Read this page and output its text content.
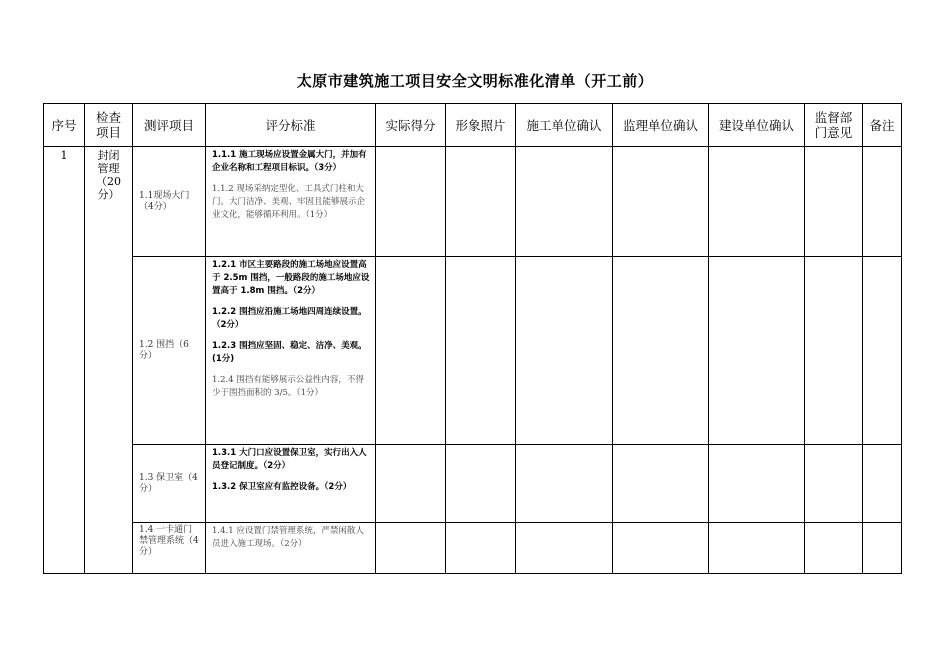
太原市建筑施工项目安全文明标准化清单（开工前）
序号	检查项目	测评项目	评分标准	实际得分	形象照片	施工单位确认	监理单位确认	建设单位确认	监督部门意见	备注
1	封闭管理（20分）	1.1现场大门（4分）	1.1.1 施工现场应设置金属大门，并加有企业名称和工程项目标识。（3分）
1.1.2 现场采纳定型化、工具式门柱和大门。大门洁净、美观、牢固且能够展示企业文化，能够循环利用。（1分）							

		1.2 围挡（6分）	1.2.1 市区主要路段的施工场地应设置高于 2.5m 围挡，一般路段的施工场地应设置高于 1.8m 围挡。（2分）
1.2.2 围挡应沿施工场地四周连续设置。（2分）
1.2.3 围挡应坚固、稳定、洁净、美观。(1分)
1.2.4 围挡有能够展示公益性内容，不得少于围挡面积的 3/5。（1分）							

		1.3 保卫室（4分）	1.3.1 大门口应设置保卫室，实行出入人员登记制度。（2分）
1.3.2 保卫室应有监控设备。（2分）							

		1.4 一卡通门禁管理系统（4分）	1.4.1 应设置门禁管理系统，严禁闲散人员进入施工现场。（2分）							
